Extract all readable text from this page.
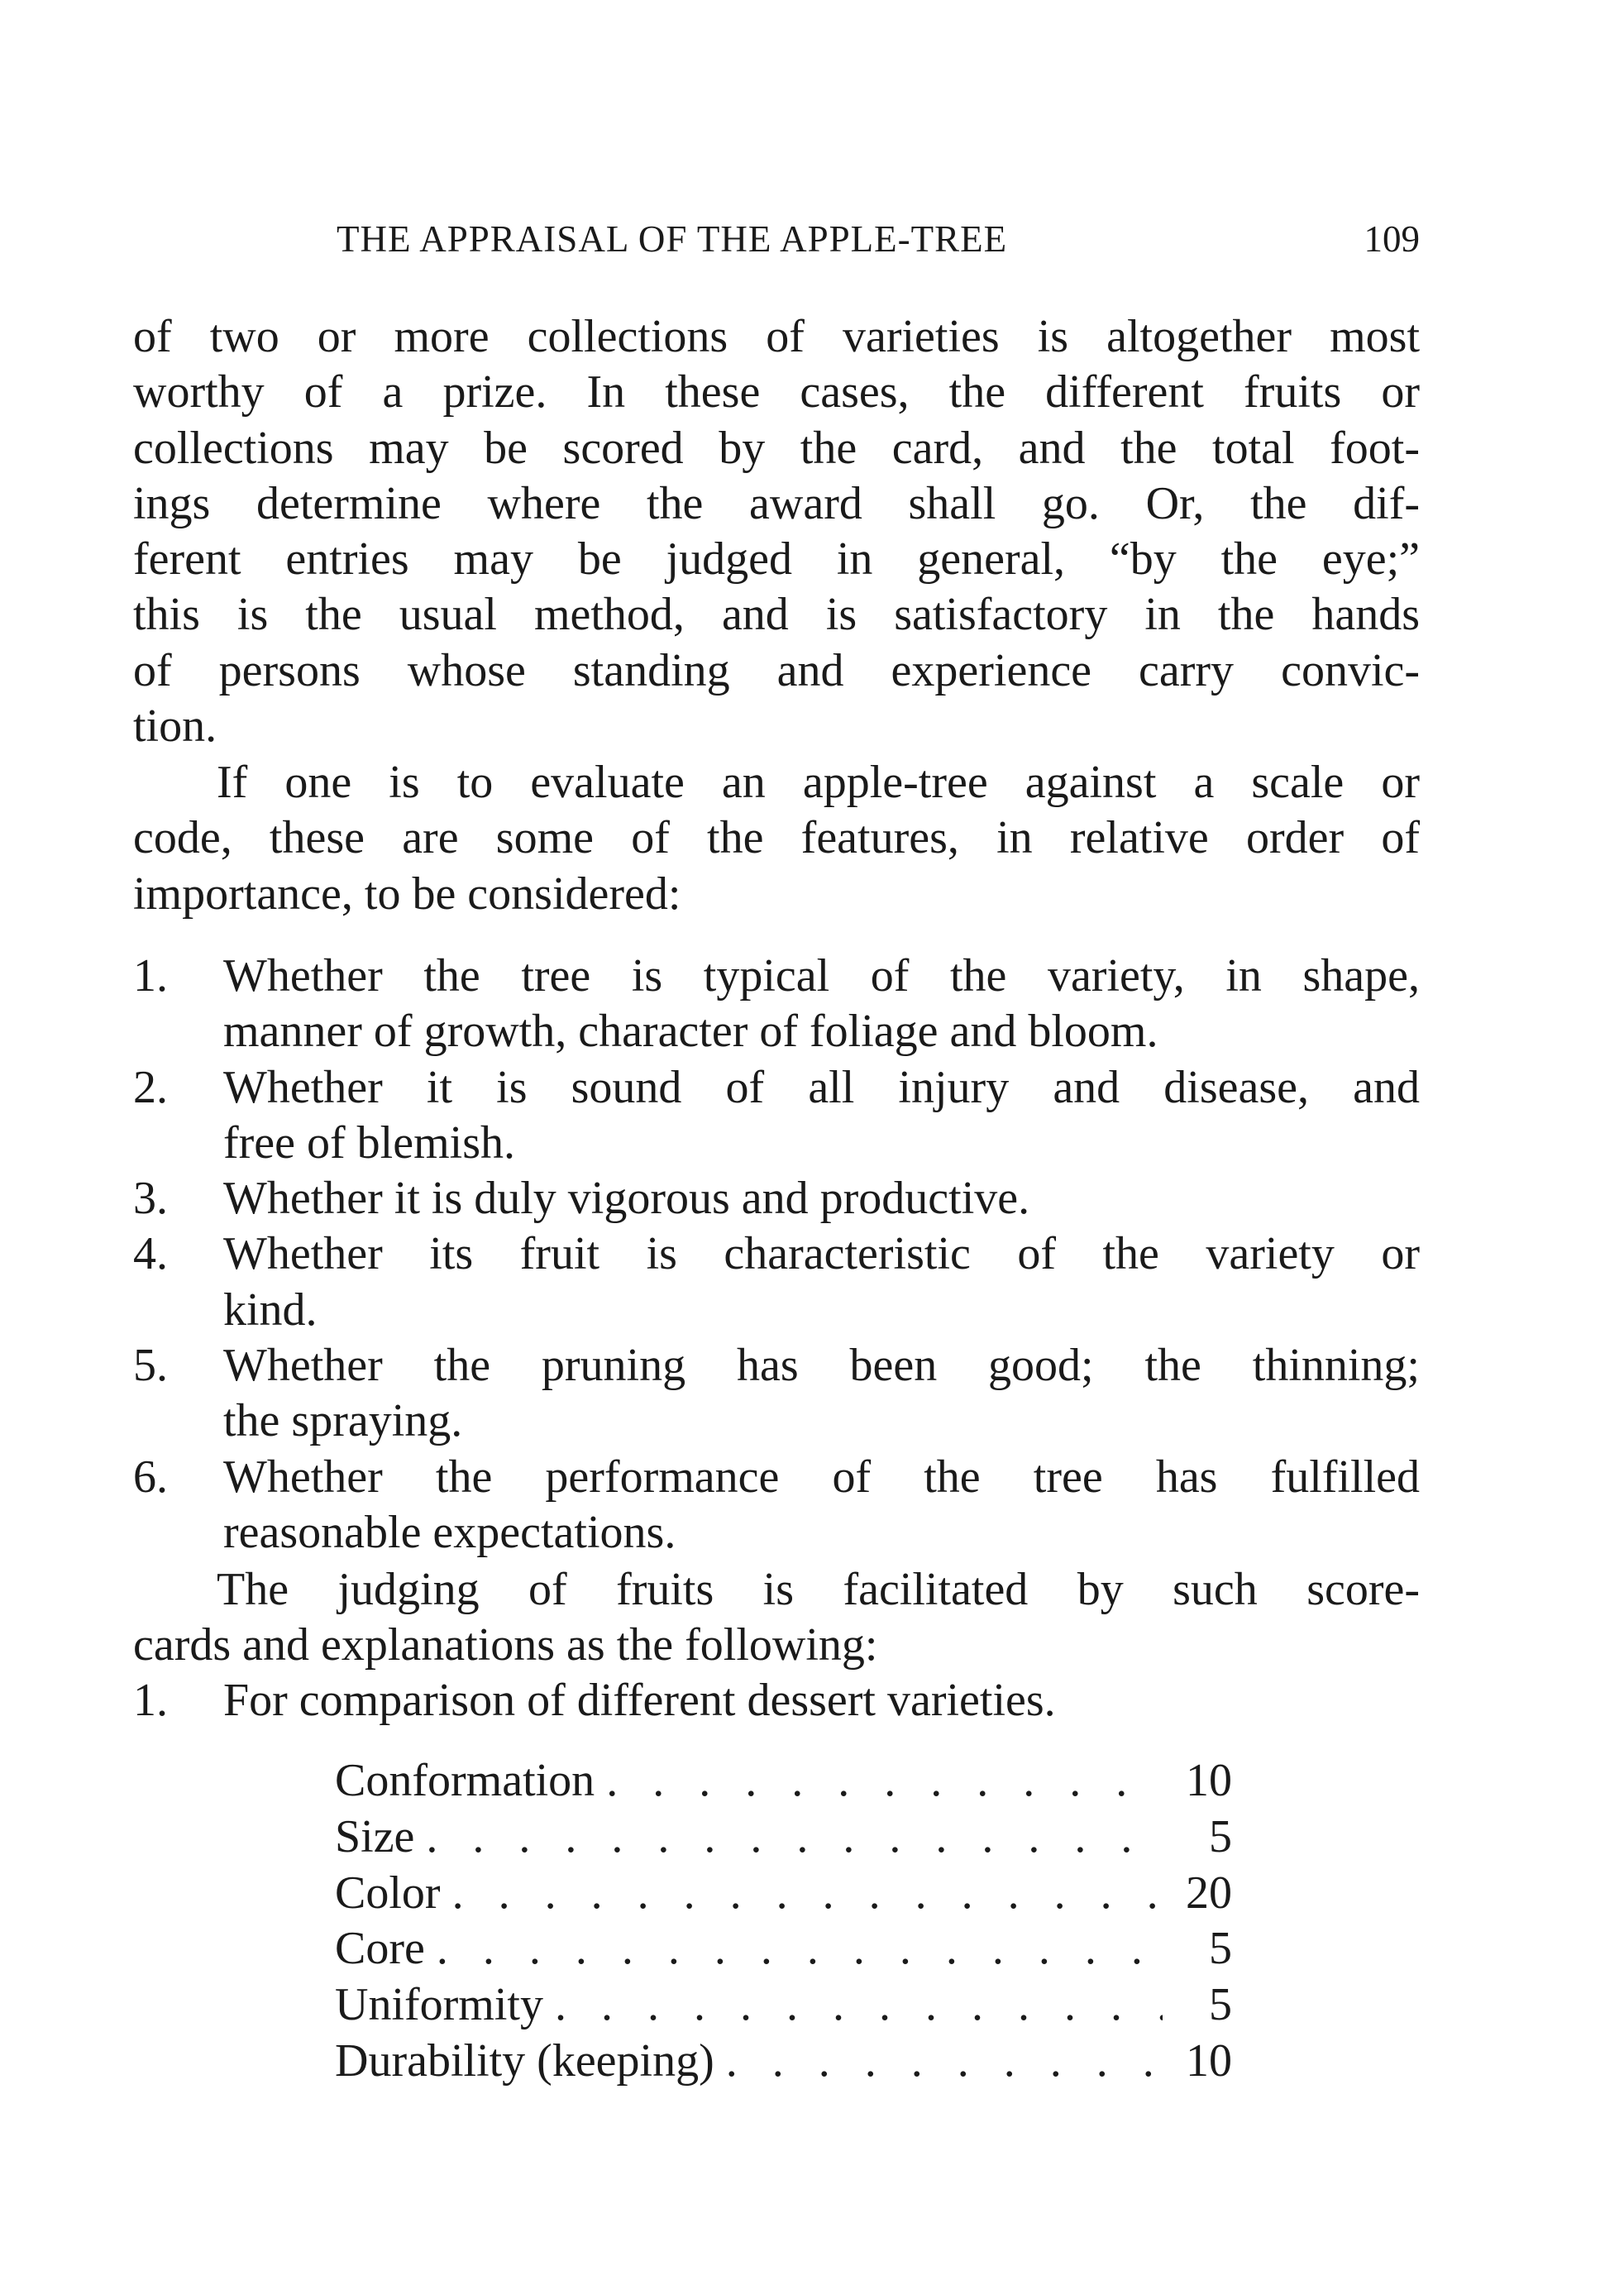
THE APPRAISAL OF THE APPLE-TREE	109
of two or more collections of varieties is altogether most
worthy of a prize. In these cases, the different fruits or
collections may be scored by the card, and the total foot-
ings determine where the award shall go. Or, the dif-
ferent entries may be judged in general, “by the eye;”
this is the usual method, and is satisfactory in the hands
of persons whose standing and experience carry convic-
tion.
If one is to evaluate an apple-tree against a scale or
code, these are some of the features, in relative order of
importance, to be considered:
1.	Whether the tree is typical of the variety, in shape,
manner of growth, character of foliage and bloom.
2.	Whether it is sound of all injury and disease, and
free of blemish.
3.	Whether it is duly vigorous and productive.
4.	Whether its fruit is characteristic of the variety or
kind.
5.	Whether the pruning has been good; the thinning;
the spraying.
6.	Whether the performance of the tree has fulfilled
reasonable expectations.
The judging of fruits is facilitated by such score-
cards and explanations as the following:
1.	For comparison of different dessert varieties.
Conformation . . .	10
Size . . .	5
Color . . .	20
Core . . .	5
Uniformity . . .	5
Durability (keeping) . . .	10
